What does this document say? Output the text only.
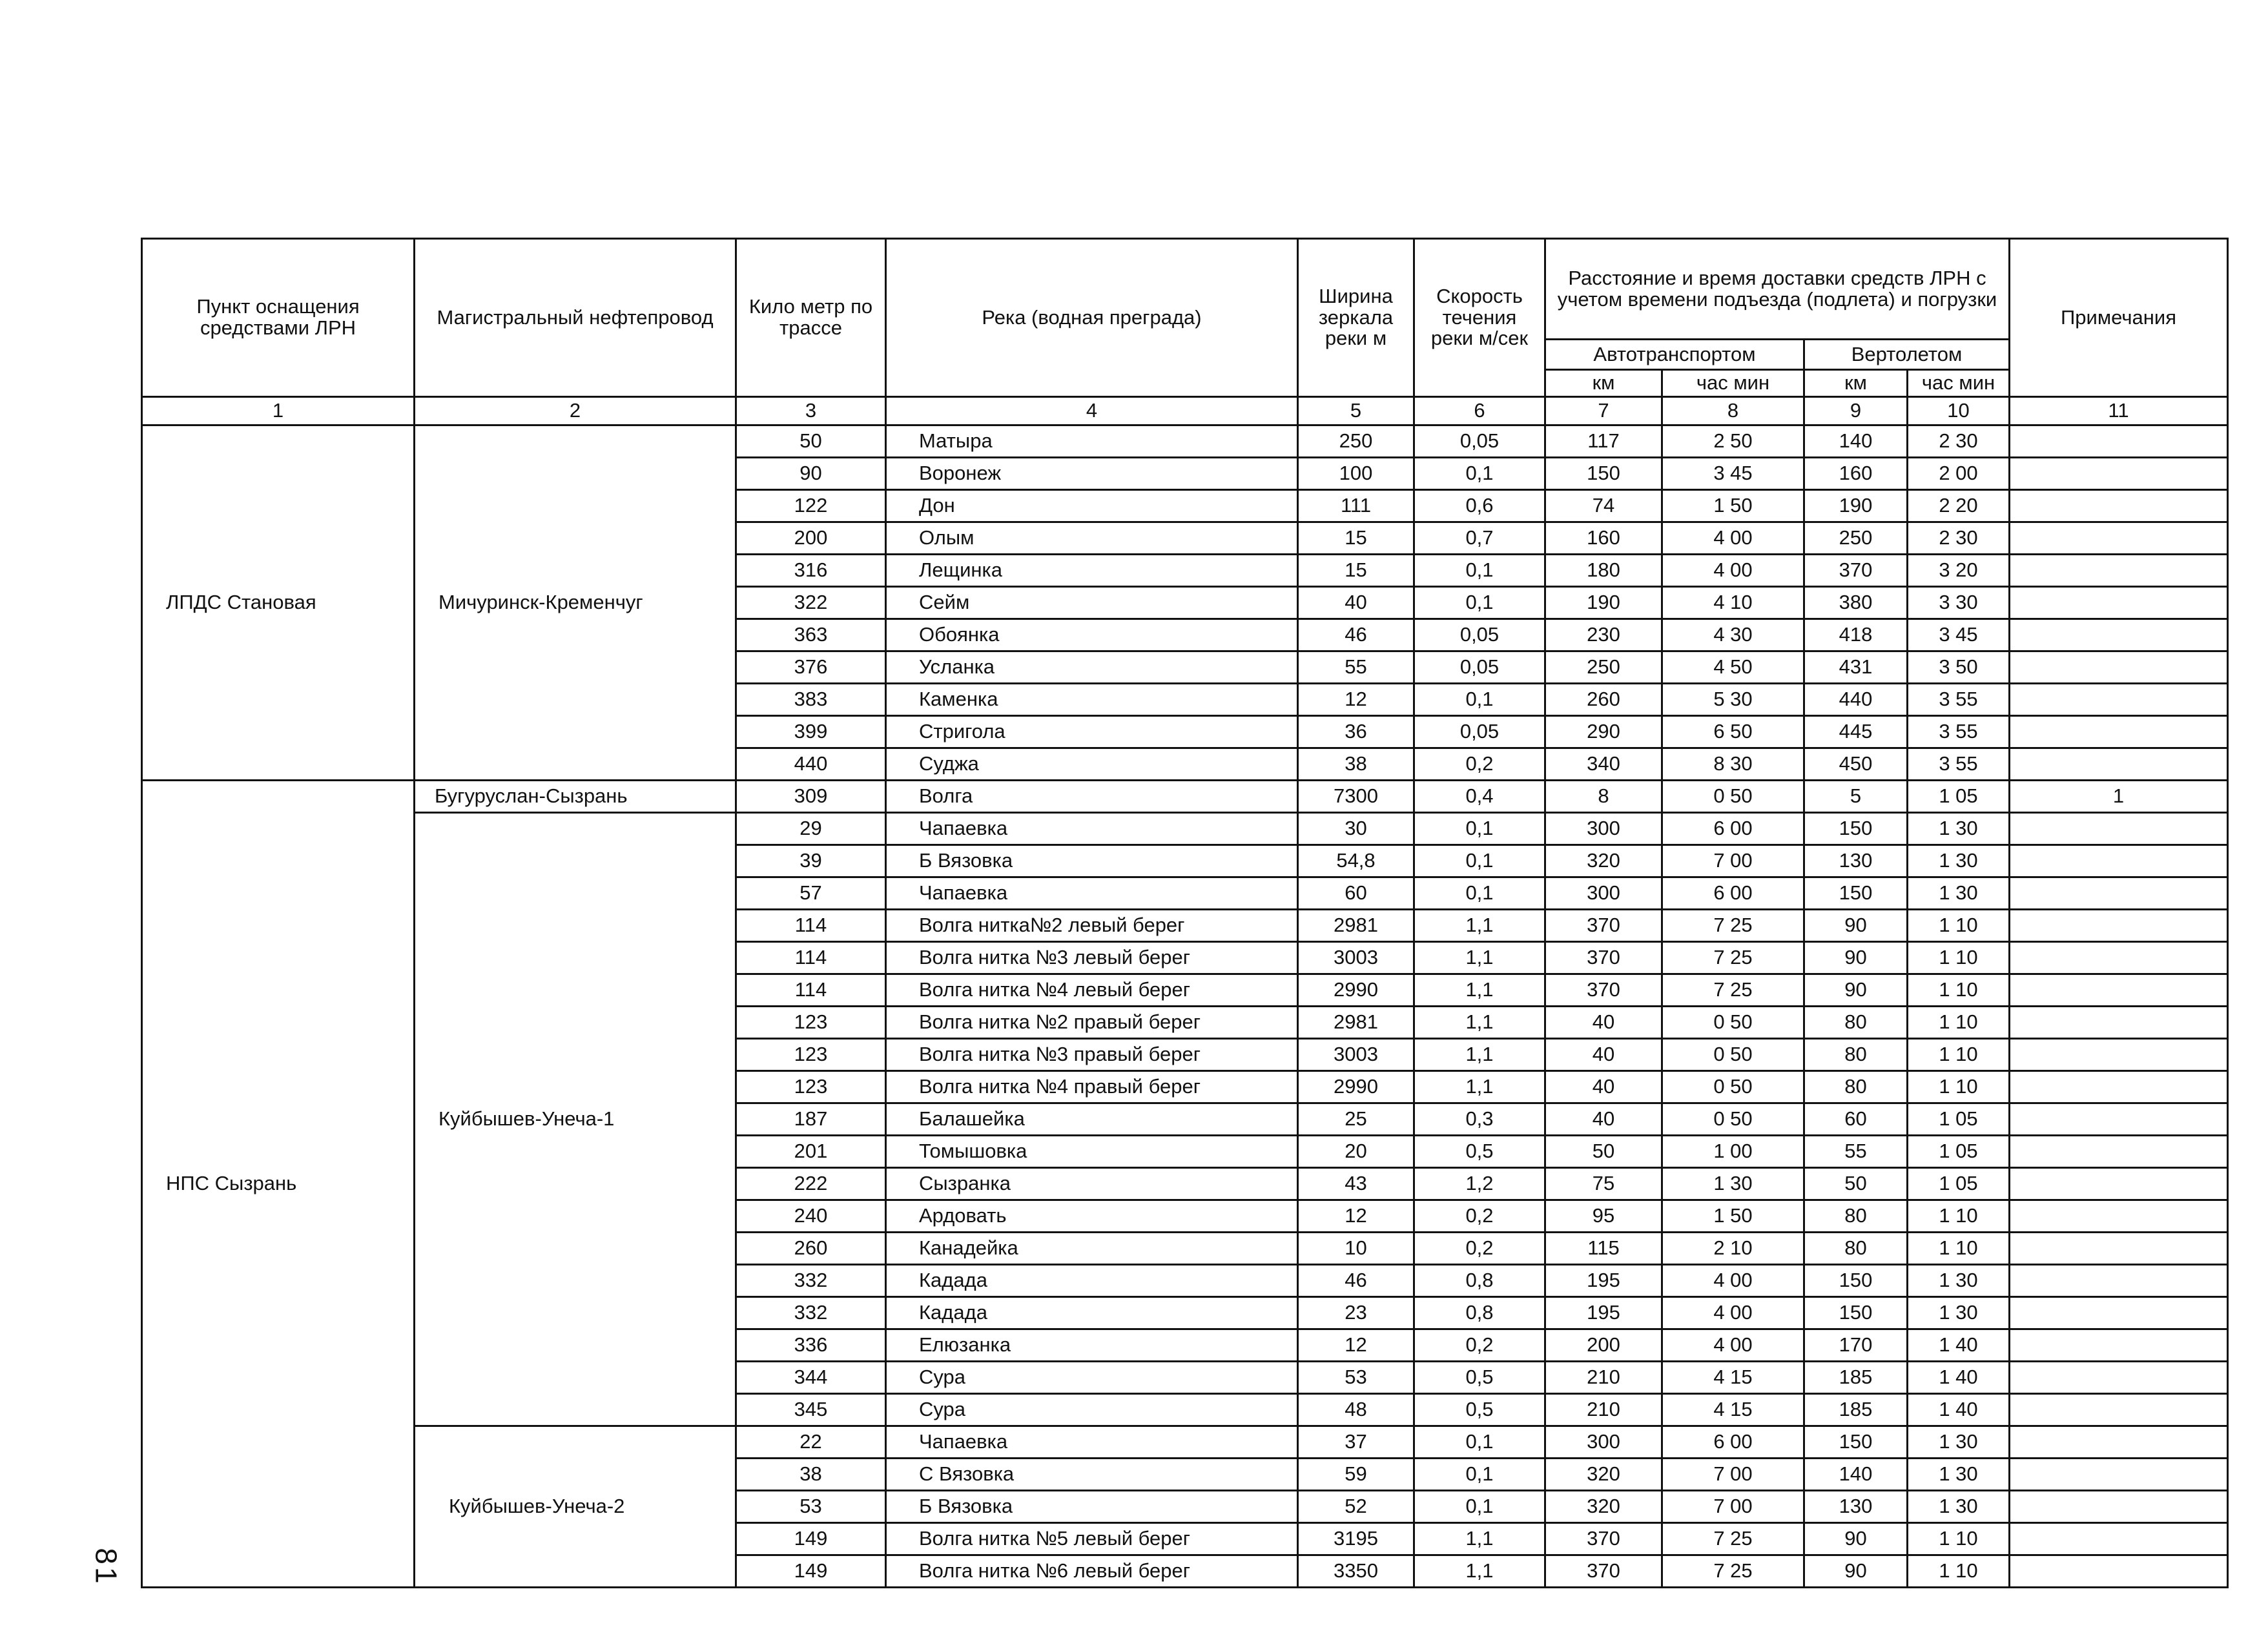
Пункт оснащения средствами ЛРН	Магистральный нефтепровод	Кило метр по трассе	Река (водная преграда)	Ширина зеркала реки м	Скорость течения реки м/сек	Расстояние и время доставки средств ЛРН с учетом времени подъезда (подлета) и погрузки				Примечания
						Автотранспортом		Вертолетом		
						км	час мин	км	час мин	
1	2	3	4	5	6	7	8	9	10	11
ЛПДС Становая	Мичуринск-Кременчуг	50	Матыра	250	0,05	117	2 50	140	2 30	
		90	Воронеж	100	0,1	150	3 45	160	2 00	
		122	Дон	111	0,6	74	1 50	190	2 20	
		200	Олым	15	0,7	160	4 00	250	2 30	
		316	Лещинка	15	0,1	180	4 00	370	3 20	
		322	Сейм	40	0,1	190	4 10	380	3 30	
		363	Обоянка	46	0,05	230	4 30	418	3 45	
		376	Усланка	55	0,05	250	4 50	431	3 50	
		383	Каменка	12	0,1	260	5 30	440	3 55	
		399	Стригола	36	0,05	290	6 50	445	3 55	
		440	Суджа	38	0,2	340	8 30	450	3 55	
НПС Сызрань	Бугуруслан-Сызрань	309	Волга	7300	0,4	8	0 50	5	1 05	1
	Куйбышев-Унеча-1	29	Чапаевка	30	0,1	300	6 00	150	1 30	
		39	Б Вязовка	54,8	0,1	320	7 00	130	1 30	
		57	Чапаевка	60	0,1	300	6 00	150	1 30	
		114	Волга нитка№2 левый берег	2981	1,1	370	7 25	90	1 10	
		114	Волга нитка №3 левый берег	3003	1,1	370	7 25	90	1 10	
		114	Волга нитка №4 левый берег	2990	1,1	370	7 25	90	1 10	
		123	Волга нитка №2 правый берег	2981	1,1	40	0 50	80	1 10	
		123	Волга нитка №3 правый берег	3003	1,1	40	0 50	80	1 10	
		123	Волга нитка №4 правый берег	2990	1,1	40	0 50	80	1 10	
		187	Балашейка	25	0,3	40	0 50	60	1 05	
		201	Томышовка	20	0,5	50	1 00	55	1 05	
		222	Сызранка	43	1,2	75	1 30	50	1 05	
		240	Ардовать	12	0,2	95	1 50	80	1 10	
		260	Канадейка	10	0,2	115	2 10	80	1 10	
		332	Кадада	46	0,8	195	4 00	150	1 30	
		332	Кадада	23	0,8	195	4 00	150	1 30	
		336	Елюзанка	12	0,2	200	4 00	170	1 40	
		344	Сура	53	0,5	210	4 15	185	1 40	
		345	Сура	48	0,5	210	4 15	185	1 40	
	Куйбышев-Унеча-2	22	Чапаевка	37	0,1	300	6 00	150	1 30	
		38	С Вязовка	59	0,1	320	7 00	140	1 30	
		53	Б Вязовка	52	0,1	320	7 00	130	1 30	
		149	Волга нитка №5 левый берег	3195	1,1	370	7 25	90	1 10	
		149	Волга нитка №6 левый берег	3350	1,1	370	7 25	90	1 10	
81
